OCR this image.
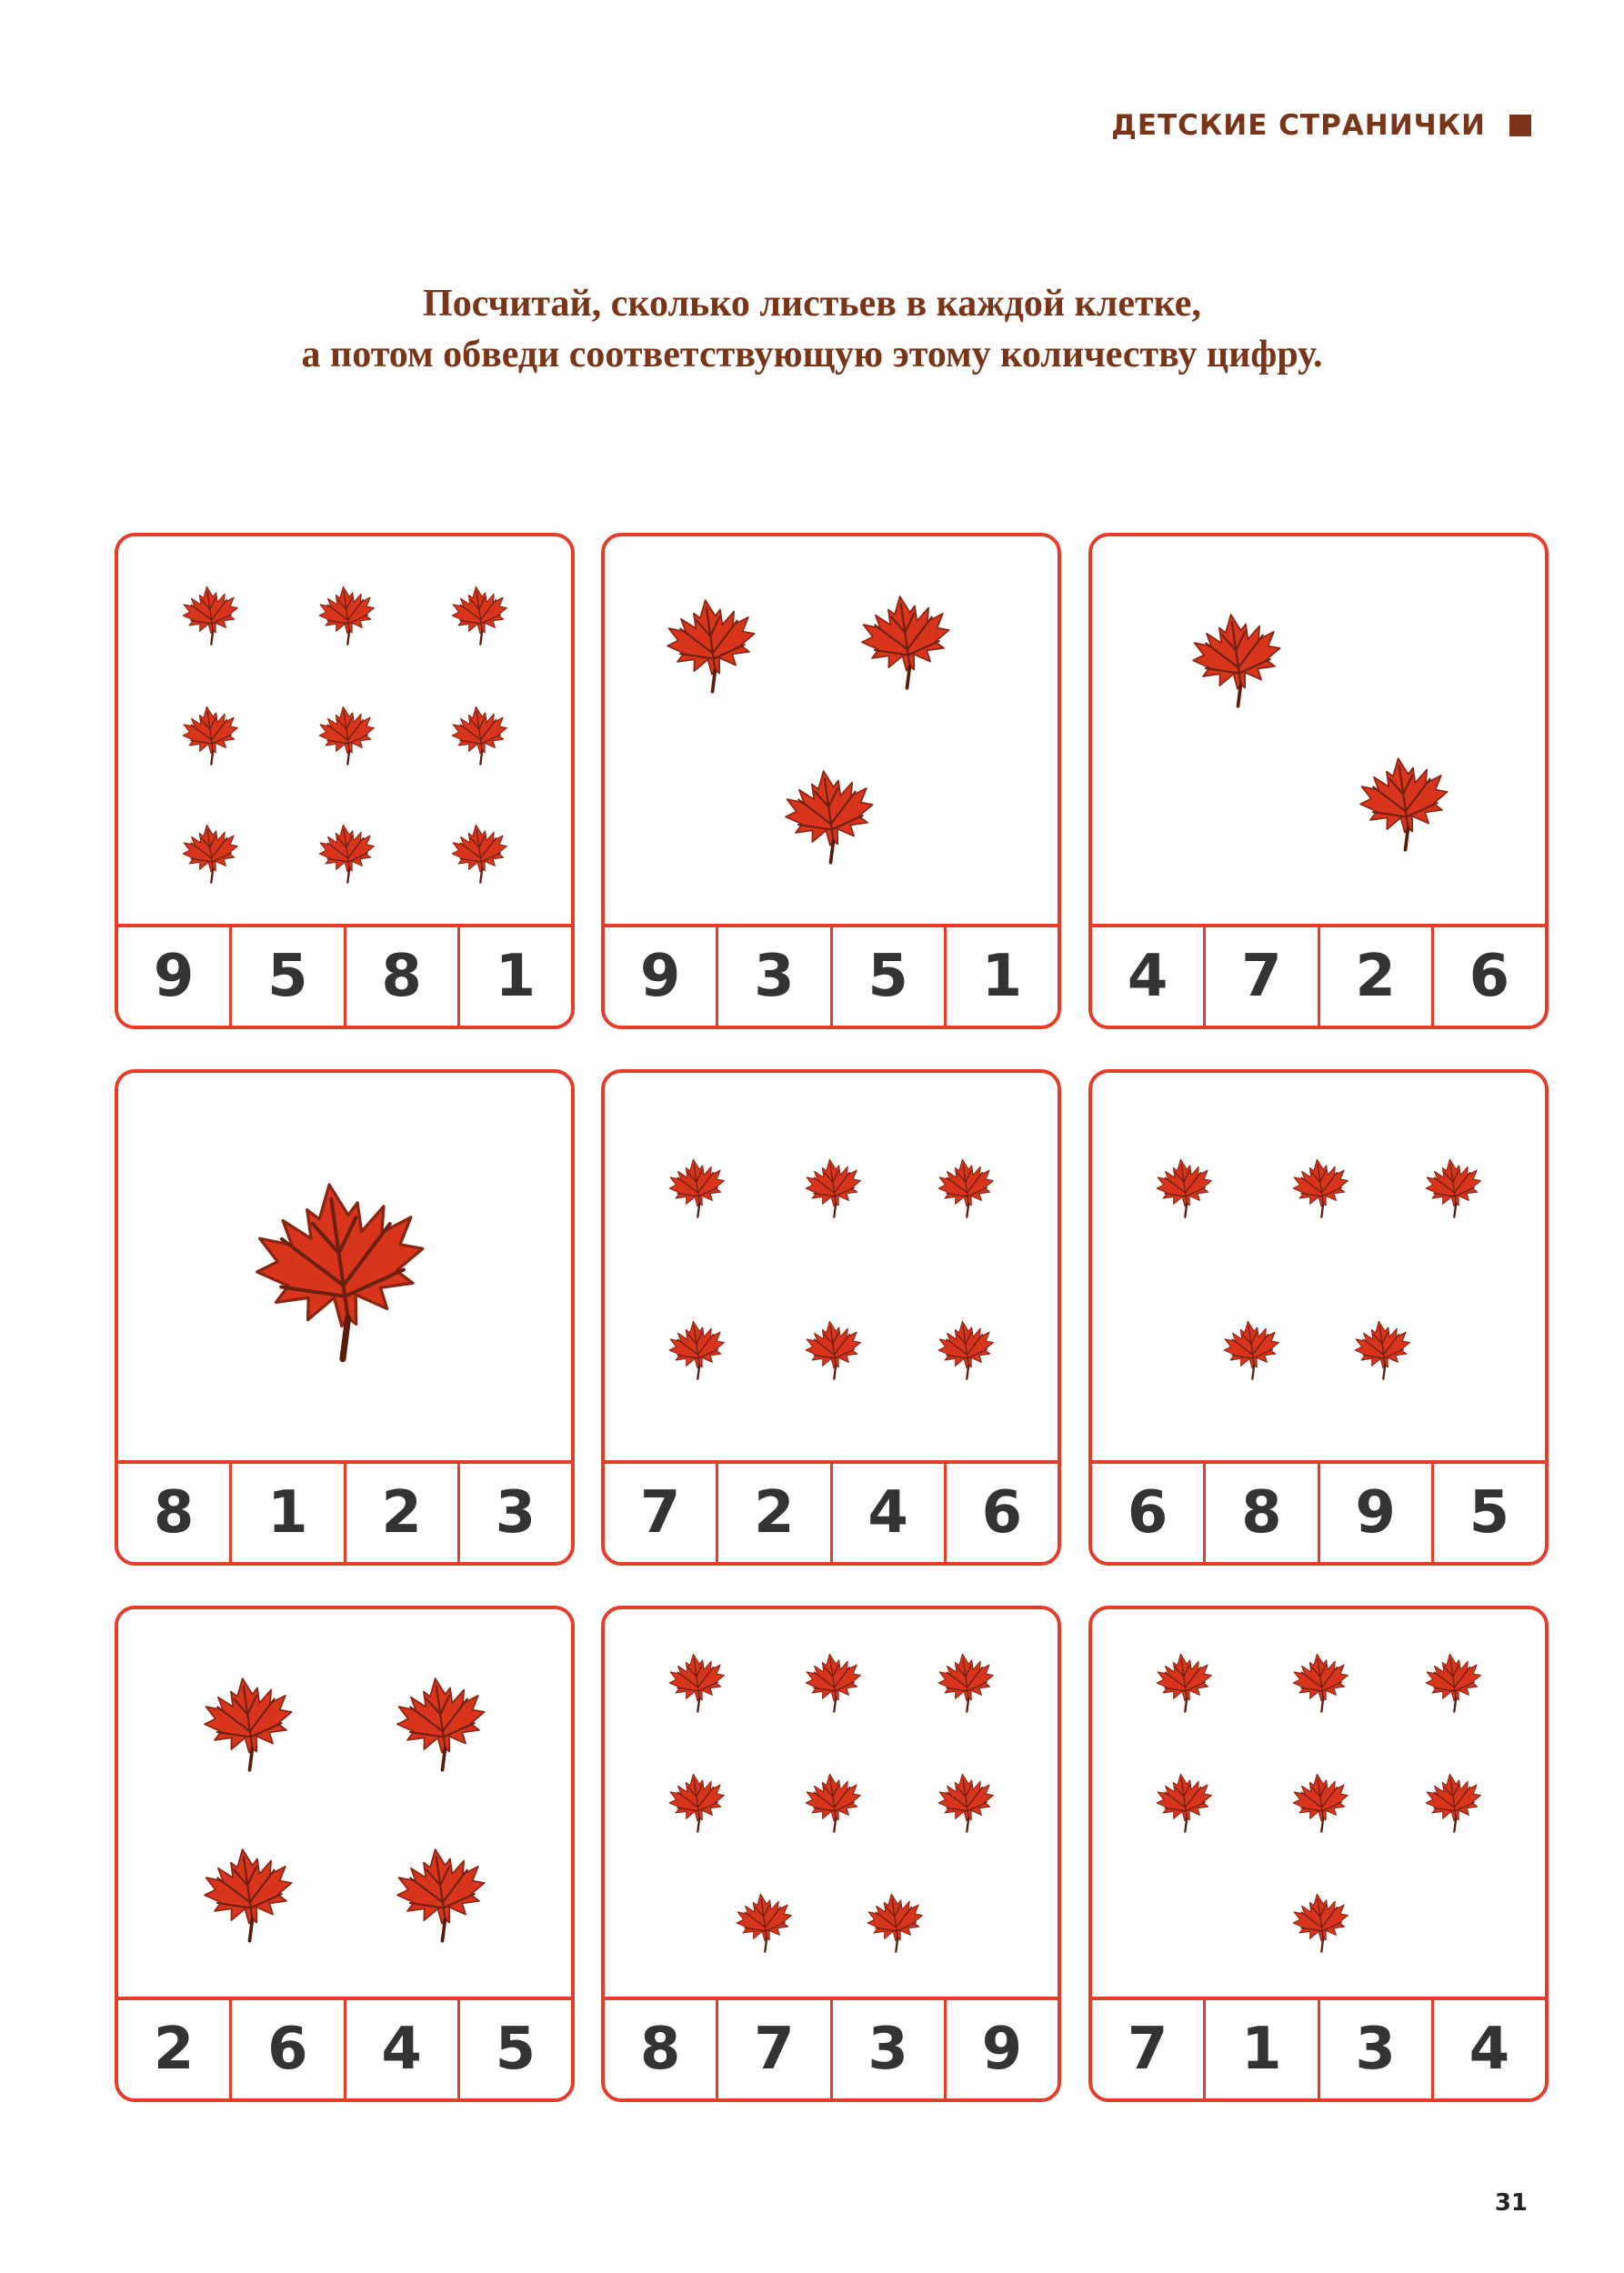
ДЕТСКИЕ СТРАНИЧКИ
Посчитай, сколько листьев в каждой клетке,
а потом обведи соответствующую этому количеству цифру.
9	5	8	1	9	3	5	1	4	7	2	6
8	1	2	3	7	2	4	6	6	8	9	5
2	6	4	5	8	7	3	9	7	1	3	4
31
